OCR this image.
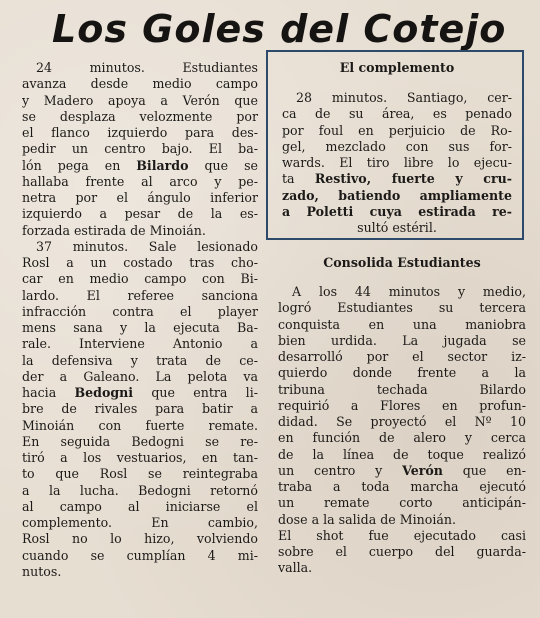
Los Goles del Cotejo
24 minutos. Estudiantes
avanza desde medio campo
y Madero apoya a Verón que
se desplaza velozmente por
el flanco izquierdo para des-
pedir un centro bajo. El ba-
lón pega en Bilardo que se
hallaba frente al arco y pe-
netra por el ángulo inferior
izquierdo a pesar de la es-
forzada estirada de Minoián.
37 minutos. Sale lesionado
Rosl a un costado tras cho-
car en medio campo con Bi-
lardo. El referee sanciona
infracción contra el player
mens sana y la ejecuta Ba-
rale. Interviene Antonio a
la defensiva y trata de ce-
der a Galeano. La pelota va
hacia Bedogni que entra li-
bre de rivales para batir a
Minoián con fuerte remate.
En seguida Bedogni se re-
tiró a los vestuarios, en tan-
to que Rosl se reintegraba
a la lucha. Bedogni retornó
al campo al iniciarse el
complemento. En cambio,
Rosl no lo hizo, volviendo
cuando se cumplían 4 mi-
nutos.
El complemento
28 minutos. Santiago, cer-
ca de su área, es penado
por foul en perjuicio de Ro-
gel, mezclado con sus for-
wards. El tiro libre lo ejecu-
ta Restivo, fuerte y cru-
zado, batiendo ampliamente
a Poletti cuya estirada re-
sultó estéril.
Consolida Estudiantes
A los 44 minutos y medio,
logró Estudiantes su tercera
conquista en una maniobra
bien urdida. La jugada se
desarrolló por el sector iz-
quierdo donde frente a la
tribuna techada Bilardo
requirió a Flores en profun-
didad. Se proyectó el Nº 10
en función de alero y cerca
de la línea de toque realizó
un centro y Verón que en-
traba a toda marcha ejecutó
un remate corto anticipán-
dose a la salida de Minoián.
El shot fue ejecutado casi
sobre el cuerpo del guarda-
valla.
